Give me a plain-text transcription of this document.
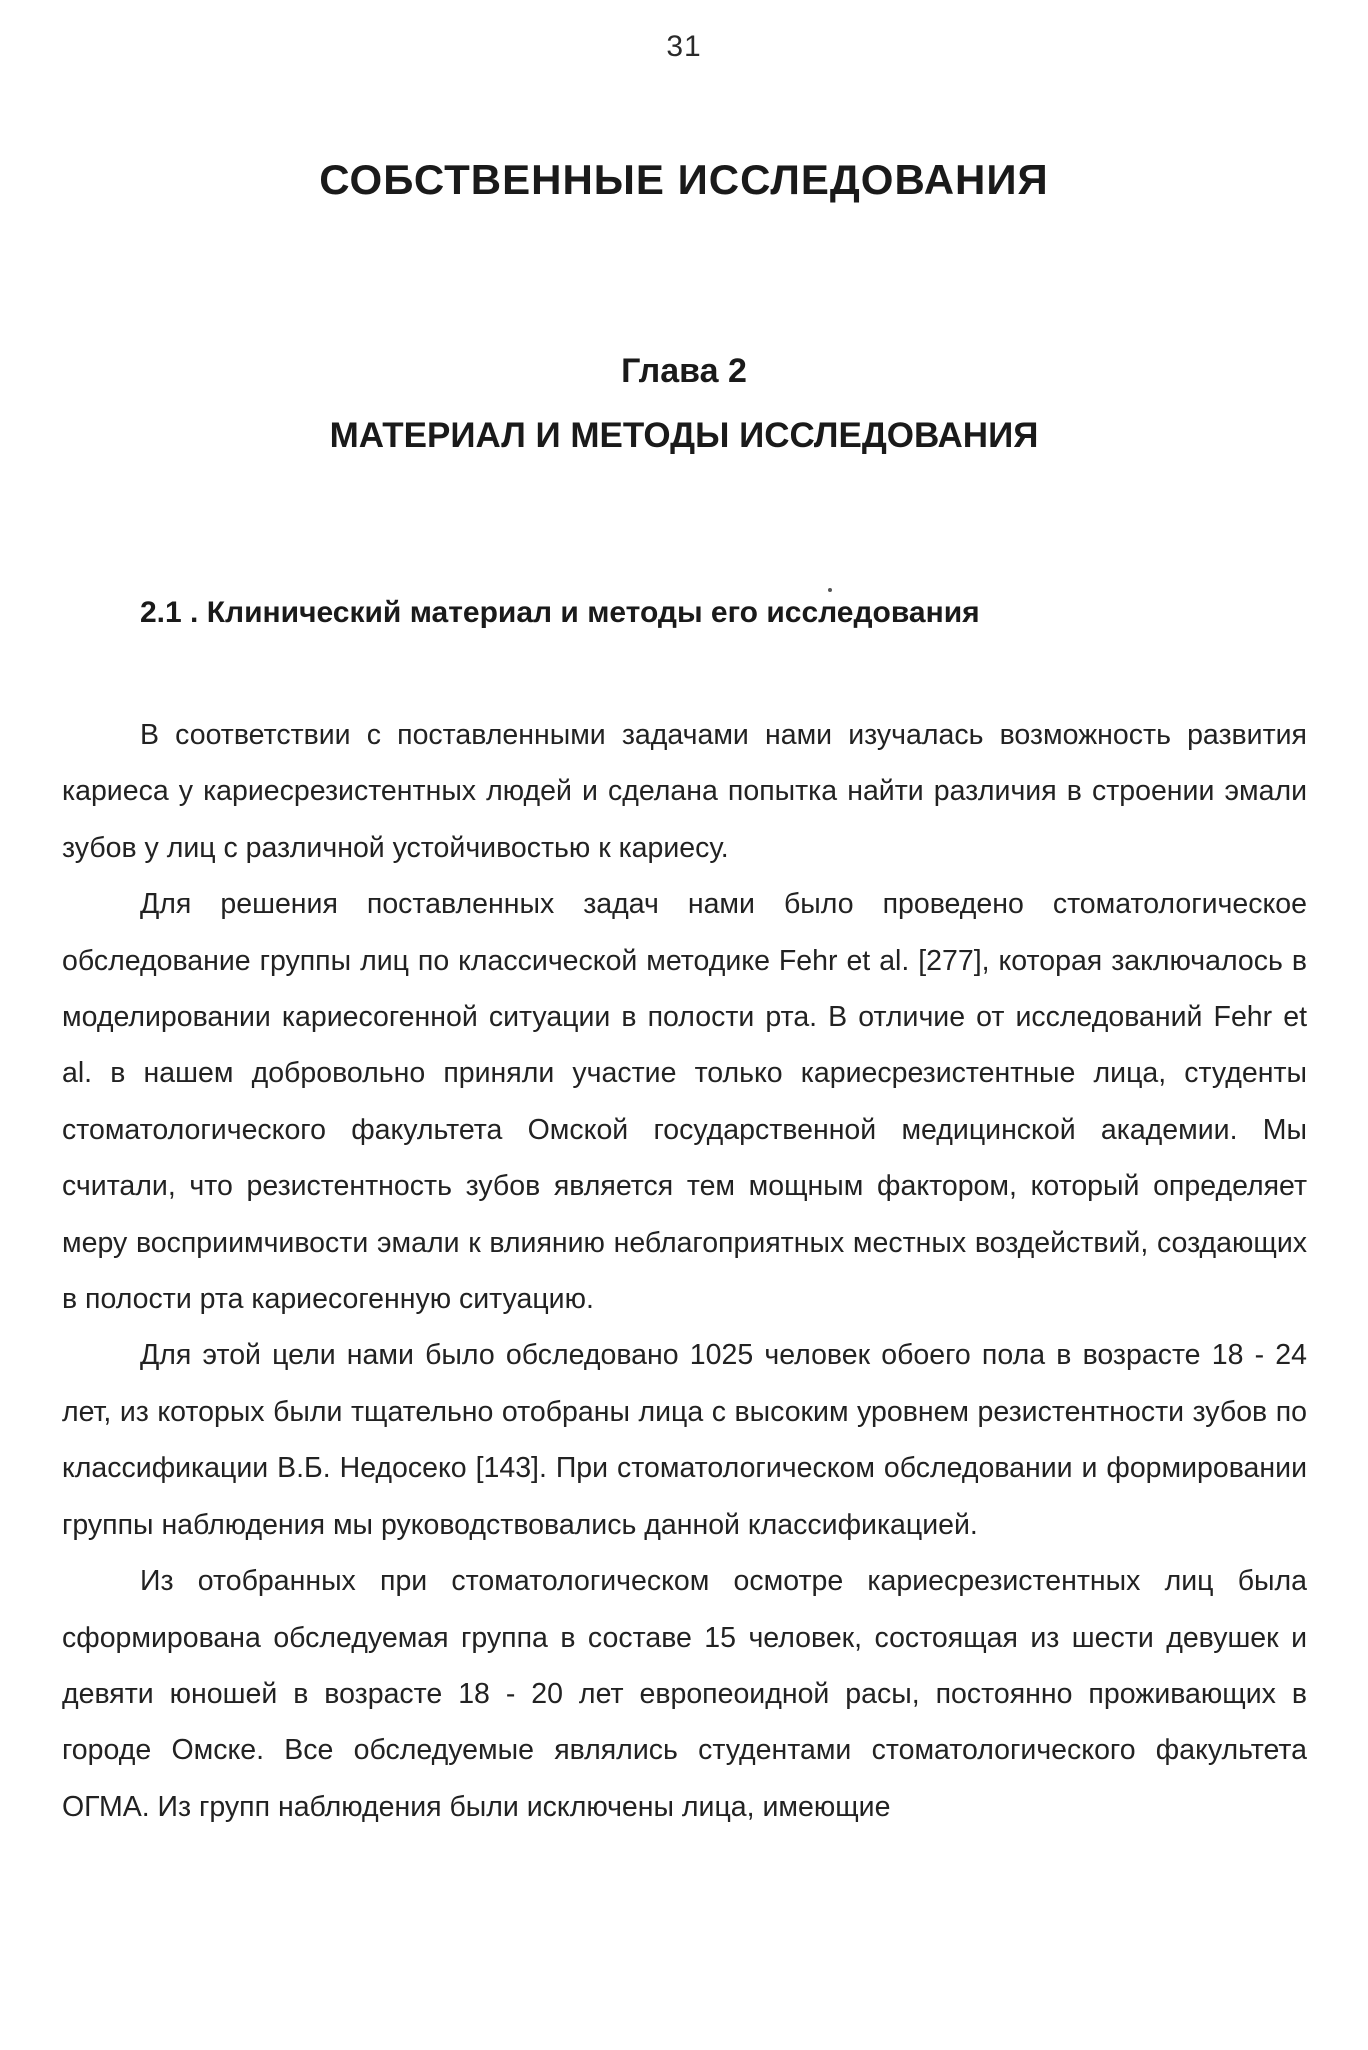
31
СОБСТВЕННЫЕ ИССЛЕДОВАНИЯ
Глава 2
МАТЕРИАЛ И МЕТОДЫ ИССЛЕДОВАНИЯ
2.1 . Клинический материал и методы его исследования

В соответствии с поставленными задачами нами изучалась возможность развития кариеса у кариесрезистентных людей и сделана попытка найти различия в строении эмали зубов у лиц с различной устойчивостью к кариесу.

Для решения поставленных задач нами было проведено стоматологическое обследование группы лиц по классической методике Fehr et al. [277], которая заключалось в моделировании кариесогенной ситуации в полости рта. В отличие от исследований Fehr et al. в нашем добровольно приняли участие только кариесрезистентные лица, студенты стоматологического факультета Омской государственной медицинской академии. Мы считали, что резистентность зубов является тем мощным фактором, который определяет меру восприимчивости эмали к влиянию неблагоприятных местных воздействий, создающих в полости рта кариесогенную ситуацию.

Для этой цели нами было обследовано 1025 человек обоего пола в возрасте 18 - 24 лет, из которых были тщательно отобраны лица с высоким уровнем резистентности зубов по классификации В.Б. Недосеко [143]. При стоматологическом обследовании и формировании группы наблюдения мы руководствовались данной классификацией.

Из отобранных при стоматологическом осмотре кариесрезистентных лиц была сформирована обследуемая группа в составе 15 человек, состоящая из шести девушек и девяти юношей в возрасте 18 - 20 лет европеоидной расы, постоянно проживающих в городе Омске. Все обследуемые являлись студентами стоматологического факультета ОГМА. Из групп наблюдения были исключены лица, имеющие
